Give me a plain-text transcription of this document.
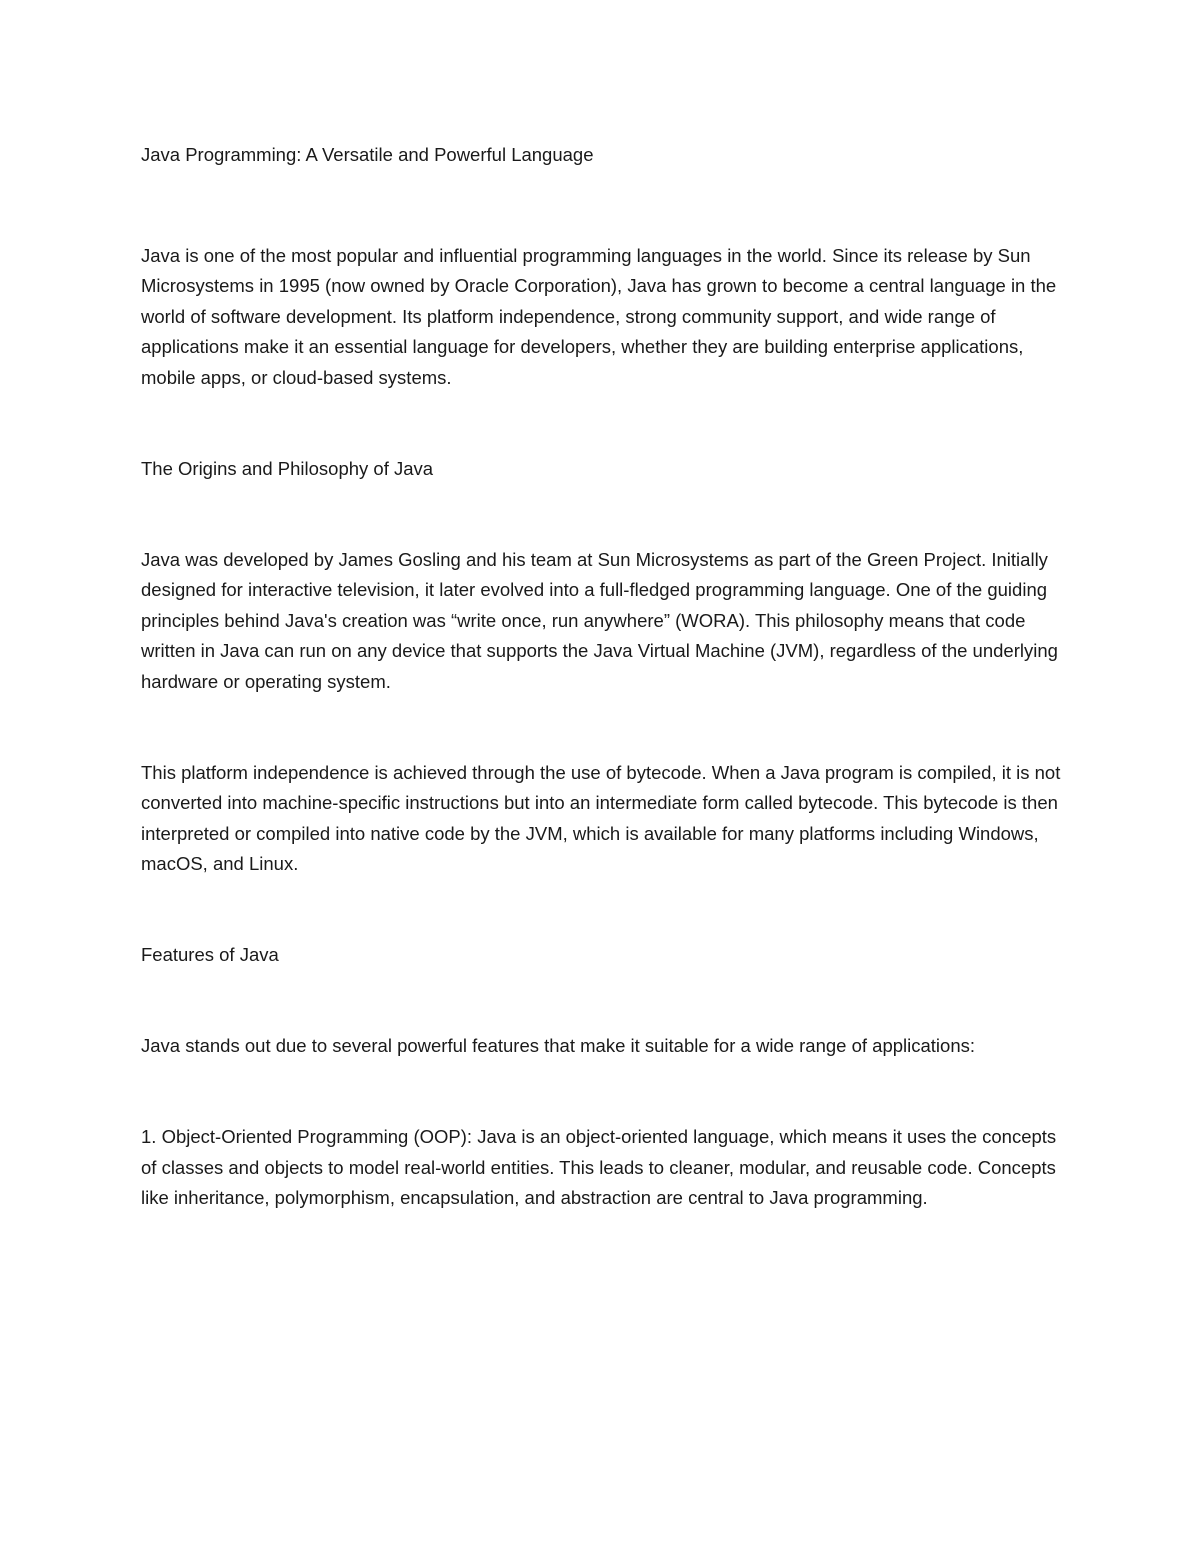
Java Programming: A Versatile and Powerful Language

Java is one of the most popular and influential programming languages in the world. Since its release by Sun Microsystems in 1995 (now owned by Oracle Corporation), Java has grown to become a central language in the world of software development. Its platform independence, strong community support, and wide range of applications make it an essential language for developers, whether they are building enterprise applications, mobile apps, or cloud-based systems.

The Origins and Philosophy of Java

Java was developed by James Gosling and his team at Sun Microsystems as part of the Green Project. Initially designed for interactive television, it later evolved into a full-fledged programming language. One of the guiding principles behind Java's creation was “write once, run anywhere” (WORA). This philosophy means that code written in Java can run on any device that supports the Java Virtual Machine (JVM), regardless of the underlying hardware or operating system.

This platform independence is achieved through the use of bytecode. When a Java program is compiled, it is not converted into machine-specific instructions but into an intermediate form called bytecode. This bytecode is then interpreted or compiled into native code by the JVM, which is available for many platforms including Windows, macOS, and Linux.

Features of Java

Java stands out due to several powerful features that make it suitable for a wide range of applications:

1. Object-Oriented Programming (OOP): Java is an object-oriented language, which means it uses the concepts of classes and objects to model real-world entities. This leads to cleaner, modular, and reusable code. Concepts like inheritance, polymorphism, encapsulation, and abstraction are central to Java programming.
